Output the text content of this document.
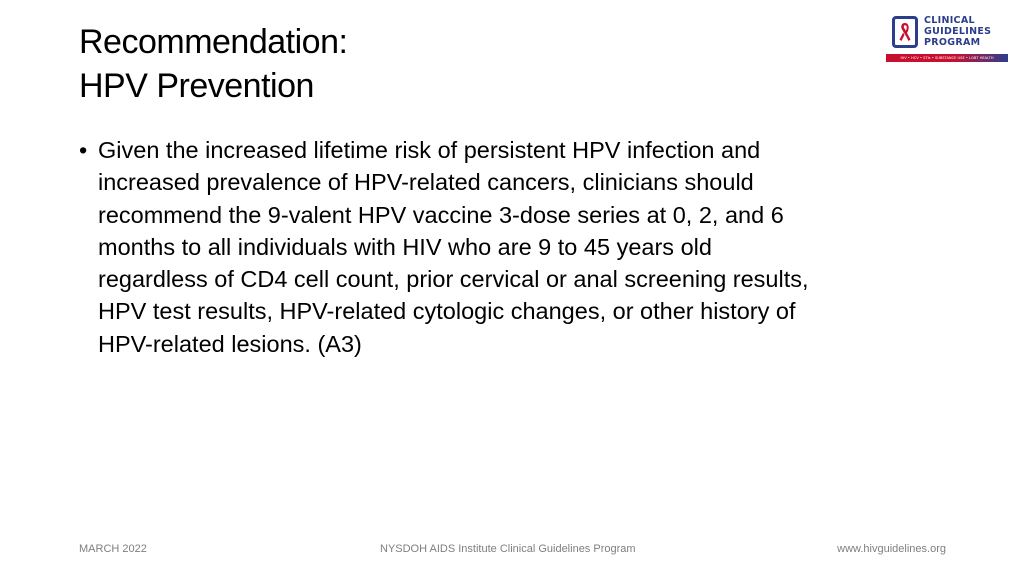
Recommendation:
HPV Prevention
CLINICAL
GUIDELINES
PROGRAM
HIV • HCV • STIs • SUBSTANCE USE • LGBT HEALTH
• Given the increased lifetime risk of persistent HPV infection and
increased prevalence of HPV-related cancers, clinicians should
recommend the 9-valent HPV vaccine 3-dose series at 0, 2, and 6
months to all individuals with HIV who are 9 to 45 years old
regardless of CD4 cell count, prior cervical or anal screening results,
HPV test results, HPV-related cytologic changes, or other history of
HPV-related lesions. (A3)
MARCH 2022	NYSDOH AIDS Institute Clinical Guidelines Program	www.hivguidelines.org
